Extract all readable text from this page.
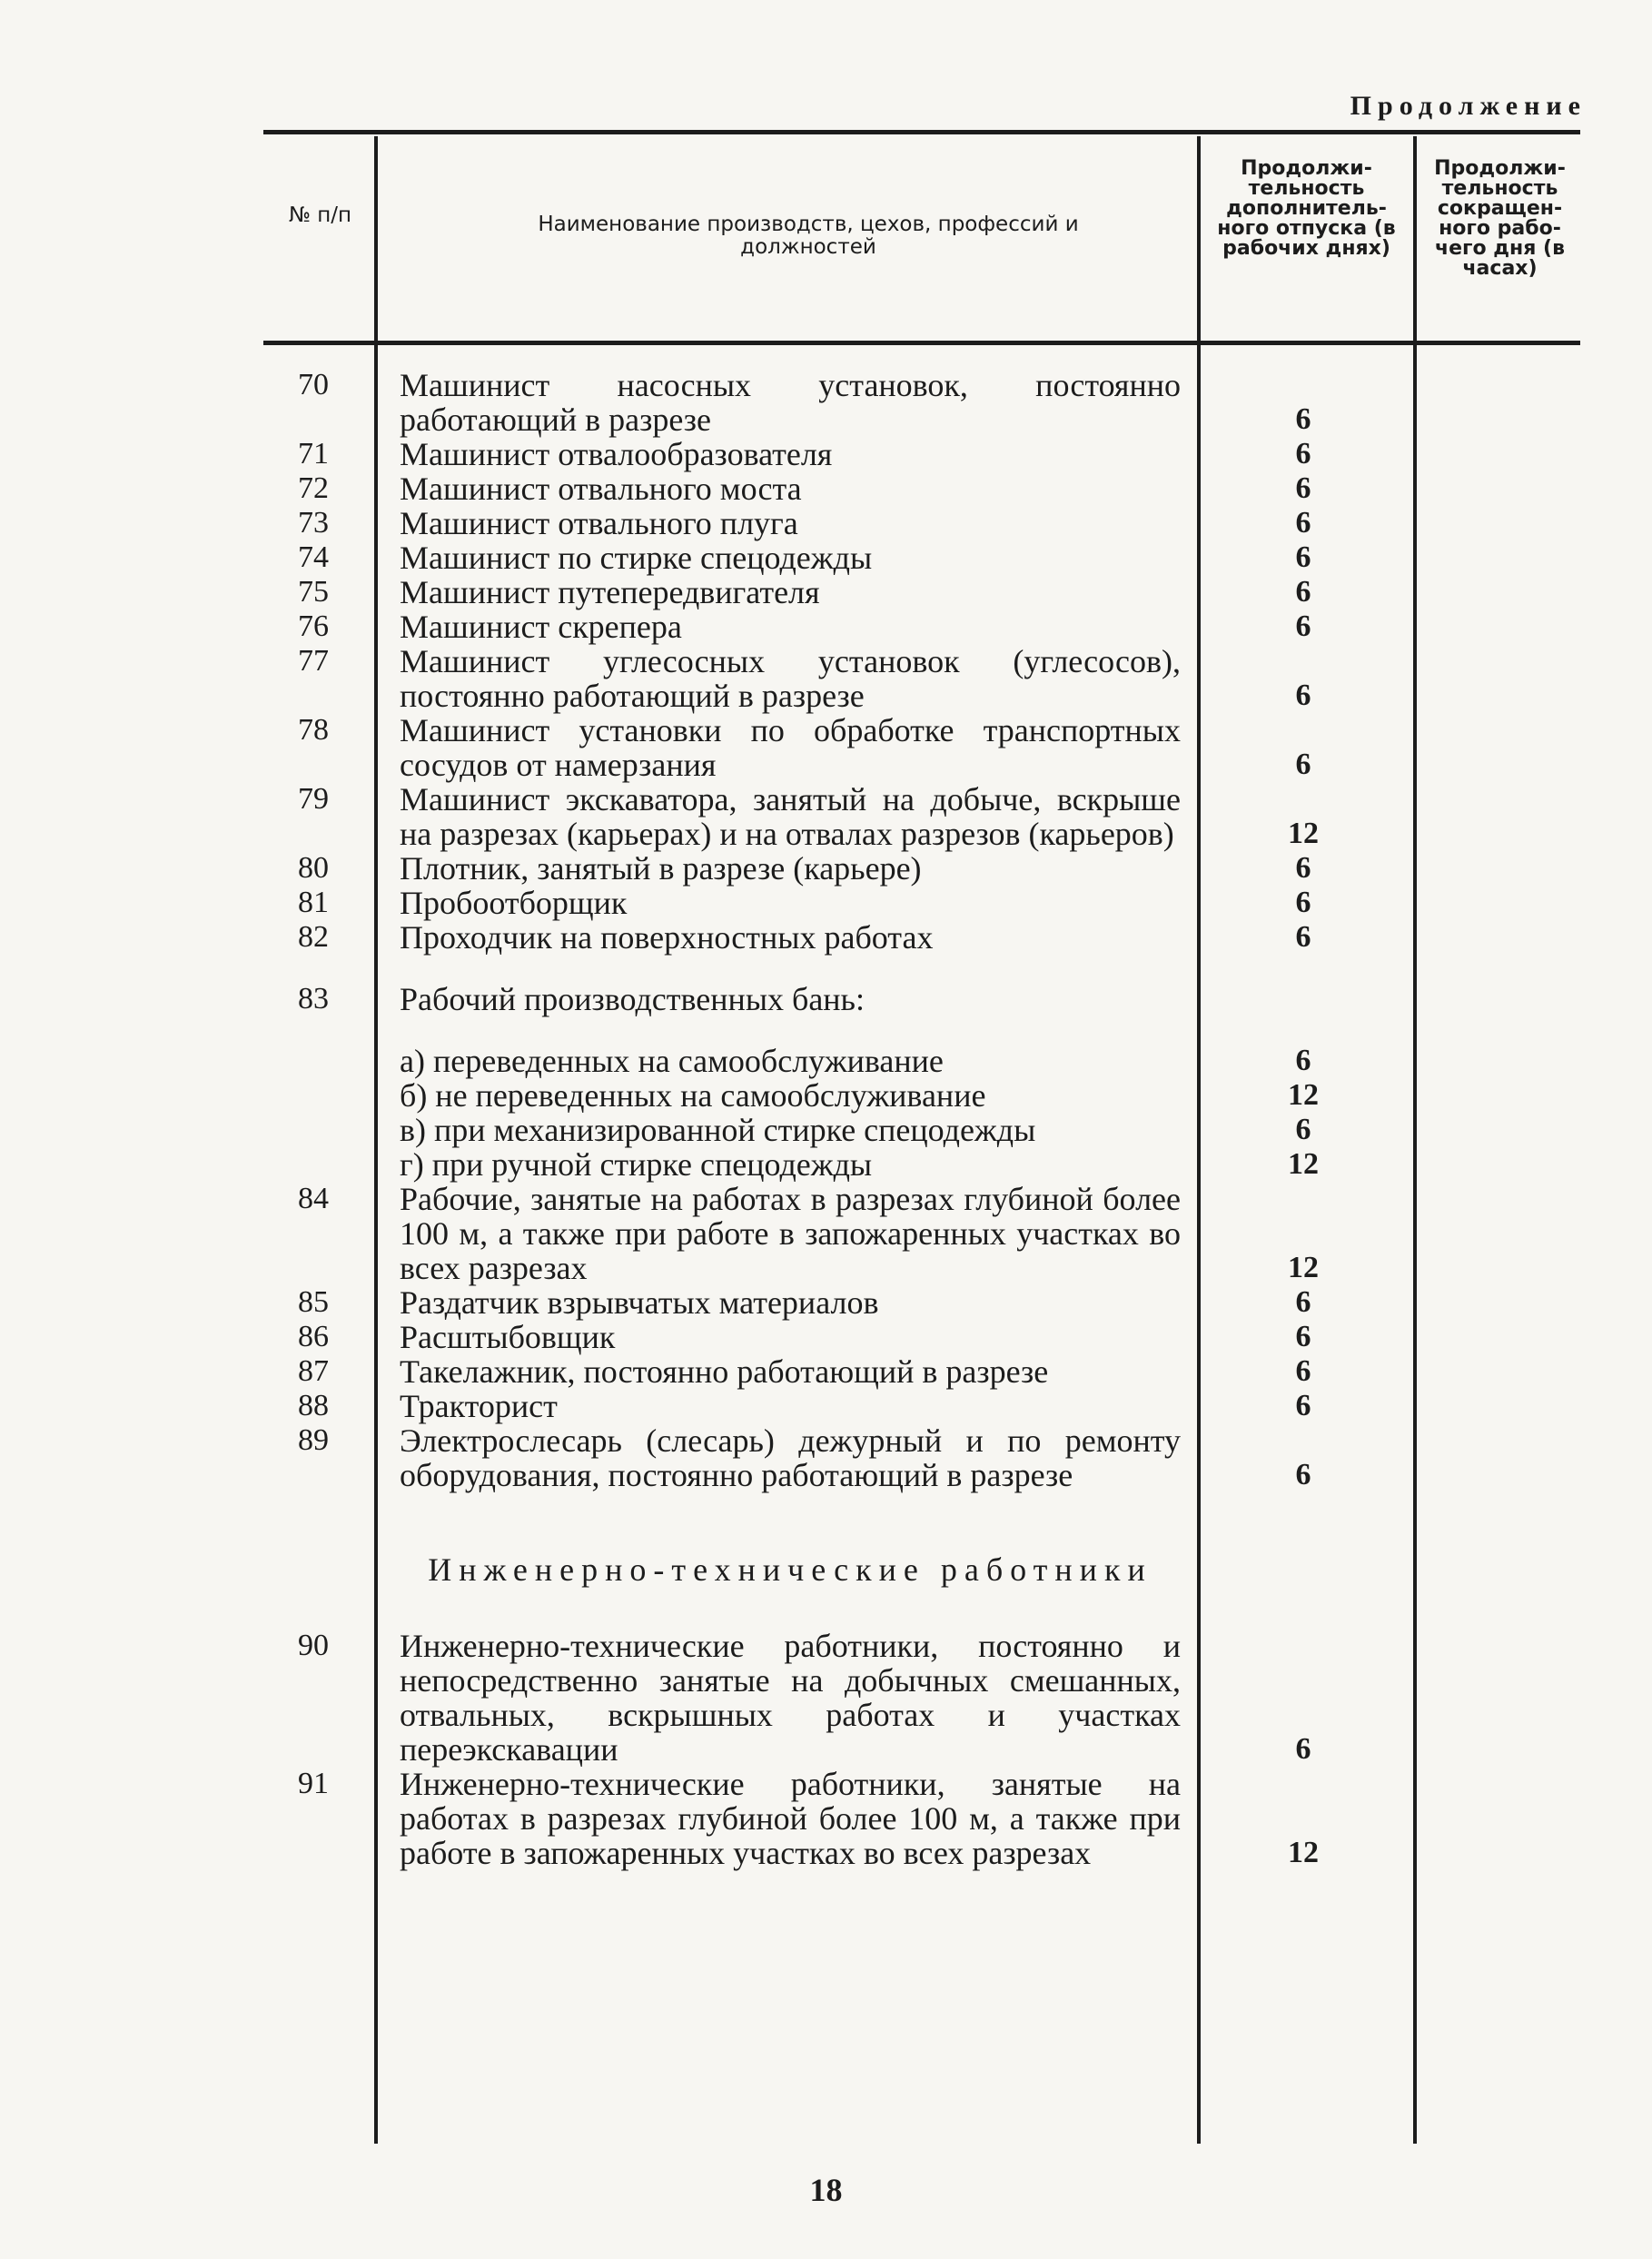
Продолжение
№ п/п	Наименование производств, цехов, профессий и должностей
Продолжи-тельность дополнитель-ного отпуска (в рабочих днях)
Продолжи-тельность сокращен-ного рабо-чего дня (в часах)
70	Машинист насосных установок, постоянно работающий в разрезе	6
71	Машинист отвалообразователя	6
72	Машинист отвального моста	6
73	Машинист отвального плуга	6
74	Машинист по стирке спецодежды	6
75	Машинист путепередвигателя	6
76	Машинист скрепера	6
77	Машинист углесосных установок (углесосов), постоянно работающий в разрезе	6
78	Машинист установки по обработке транспортных сосудов от намерзания	6
79	Машинист экскаватора, занятый на добыче, вскрыше на разрезах (карьерах) и на отвалах разрезов (карьеров)	12
80	Плотник, занятый в разрезе (карьере)	6
81	Пробоотборщик	6
82	Проходчик на поверхностных работах	6
83	Рабочий производственных бань:
а) переведенных на самообслуживание	6
б) не переведенных на самообслуживание	12
в) при механизированной стирке спецодежды	6
г) при ручной стирке спецодежды	12
84	Рабочие, занятые на работах в разрезах глубиной более 100 м, а также при работе в запожаренных участках во всех разрезах	12
85	Раздатчик взрывчатых материалов	6
86	Расштыбовщик	6
87	Такелажник, постоянно работающий в разрезе	6
88	Тракторист	6
89	Электрослесарь (слесарь) дежурный и по ремонту оборудования, постоянно работающий в разрезе	6
Инженерно-технические работники
90	Инженерно-технические работники, постоянно и непосредственно занятые на добычных смешанных, отвальных, вскрышных работах и участках переэкскавации	6
91	Инженерно-технические работники, занятые на работах в разрезах глубиной более 100 м, а также при работе в запожаренных участках во всех разрезах	12
18
